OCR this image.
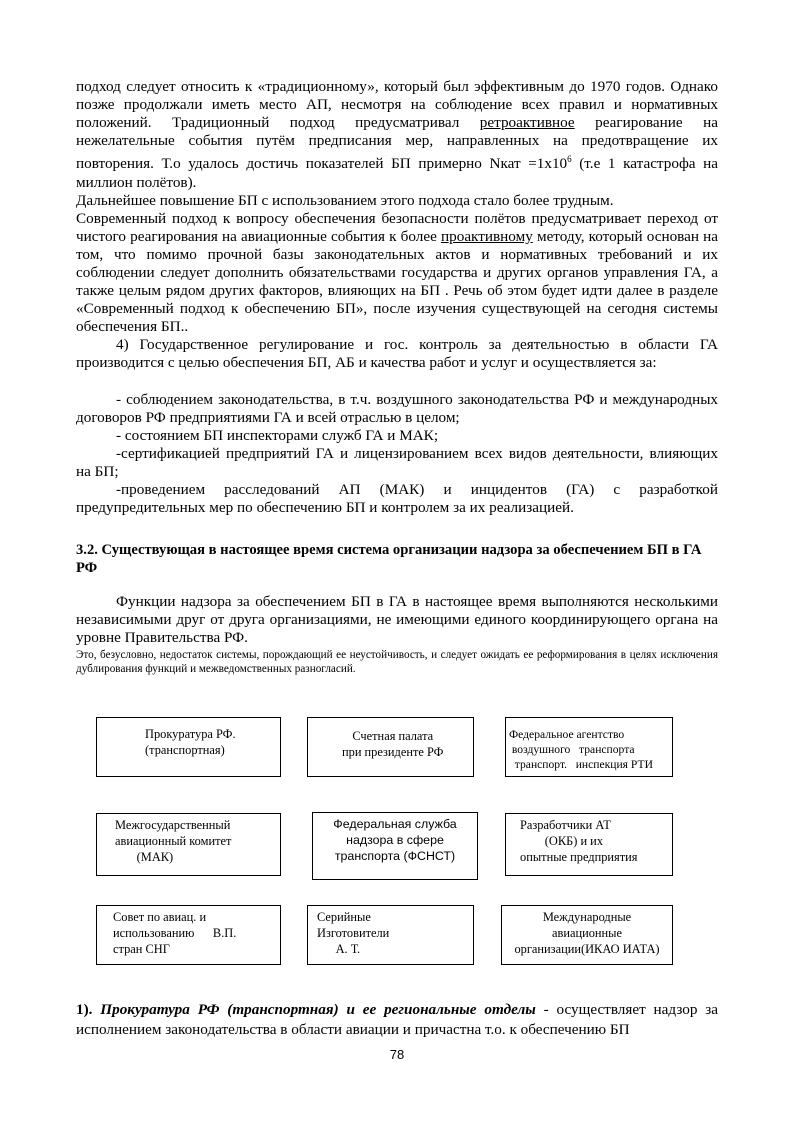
подход следует относить к «традиционному», который был эффективным до 1970 годов. Однако позже продолжали иметь место АП, несмотря на соблюдение всех правил и нормативных положений. Традиционный подход предусматривал ретроактивное реагирование на нежелательные события путём предписания мер, направленных на предотвращение их повторения. Т.о удалось достичь показателей БП примерно Nкат $=1x10^6$ (т.е 1 катастрофа на миллион полётов).

Дальнейшее повышение БП с использованием этого подхода стало более трудным.

Современный подход к вопросу обеспечения безопасности полётов предусматривает переход от чистого реагирования на авиационные события к более проактивному методу, который основан на том, что помимо прочной базы законодательных актов и нормативных требований и их соблюдении следует дополнить обязательствами государства и других органов управления ГА, а также целым рядом других факторов, влияющих на БП . Речь об этом будет идти далее в разделе «Современный подход к обеспечению БП», после изучения существующей на сегодня системы обеспечения БП..

4) Государственное регулирование и гос. контроль за деятельностью в области ГА производится с целью обеспечения БП, АБ и качества работ и услуг и осуществляется за:

- соблюдением законодательства, в т.ч. воздушного законодательства РФ и международных договоров РФ предприятиями ГА и всей отраслью в целом;

- состоянием БП инспекторами служб ГА и МАК;

-сертификацией предприятий ГА и лицензированием всех видов деятельности, влияющих на БП;

-проведением расследований АП (МАК) и инцидентов (ГА) с разработкой предупредительных мер по обеспечению БП и контролем за их реализацией.

3.2. Существующая в настоящее время система организации надзора за обеспечением БП в ГА РФ

Функции надзора за обеспечением БП в ГА в настоящее время выполняются несколькими независимыми друг от друга организациями, не имеющими единого координирующего органа на уровне Правительства РФ.

Это, безусловно, недостаток системы, порождающий ее неустойчивость, и следует ожидать ее реформирования в целях исключения дублирования функций и межведомственных разногласий.

Прокуратура РФ.
(транспортная)
Счетная палата
при президенте РФ
Федеральное агентство
воздушного   транспорта
транспорт.   инспекция РТИ
Межгосударственный
авиационный комитет
(МАК)
Федеральная служба
надзора в сфере
транспорта (ФСНСТ)
Разработчики АТ
(ОКБ) и их
опытные предприятия
Совет по авиац. и
использованию      В.П.
стран СНГ
Серийные
Изготовители
А. Т.
Международные
авиационные
организации(ИКАО ИАТА)

1). Прокуратура РФ (транспортная) и ее региональные отделы - осуществляет надзор за исполнением законодательства в области авиации и причастна т.о. к обеспечению БП

78
